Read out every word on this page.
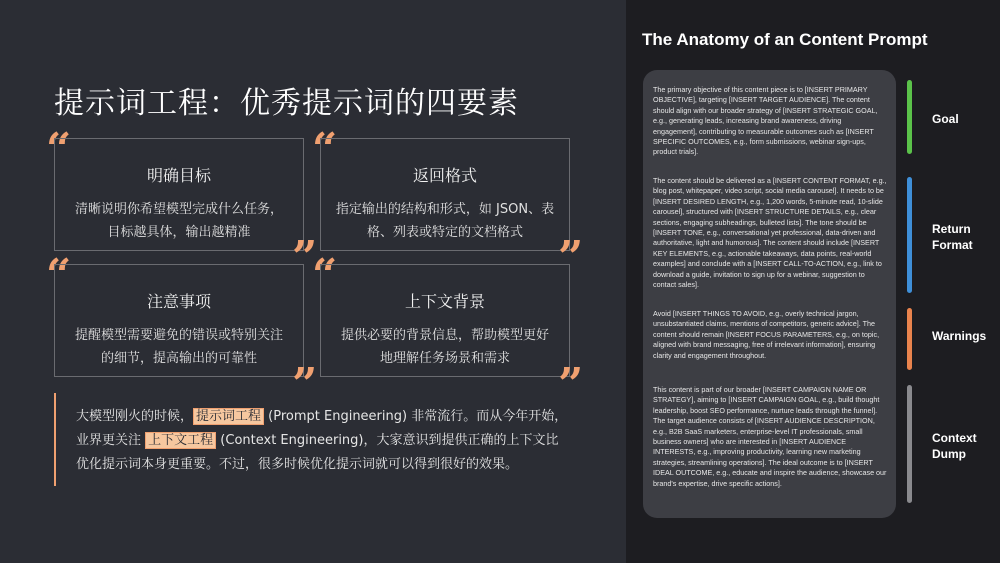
提示词工程：优秀提示词的四要素
“
明确目标
清晰说明你希望模型完成什么任务，目标越具体，输出越精准
“
返回格式
指定输出的结构和形式，如 JSON、表格、列表或特定的文档格式
”	”
“
注意事项
提醒模型需要避免的错误或特别关注的细节，提高输出的可靠性
“
上下文背景
提供必要的背景信息，帮助模型更好地理解任务场景和需求
”	”
大模型刚火的时候， 提示词工程 (Prompt Engineering) 非常流行。而从今年开始，业界更关注 上下文工程 (Context Engineering)，大家意识到提供正确的上下文比优化提示词本身更重要。不过，很多时候优化提示词就可以得到很好的效果。
The Anatomy of an Content Prompt
The primary objective of this content piece is to [INSERT PRIMARY OBJECTIVE], targeting [INSERT TARGET AUDIENCE]. The content should align with our broader strategy of [INSERT STRATEGIC GOAL, e.g., generating leads, increasing brand awareness, driving engagement], contributing to measurable outcomes such as [INSERT SPECIFIC OUTCOMES, e.g., form submissions, webinar sign-ups, product trials].
The content should be delivered as a [INSERT CONTENT FORMAT, e.g., blog post, whitepaper, video script, social media carousel]. It needs to be [INSERT DESIRED LENGTH, e.g., 1,200 words, 5-minute read, 10-slide carousel], structured with [INSERT STRUCTURE DETAILS, e.g., clear sections, engaging subheadings, bulleted lists]. The tone should be [INSERT TONE, e.g., conversational yet professional, data-driven and authoritative, light and humorous]. The content should include [INSERT KEY ELEMENTS, e.g., actionable takeaways, data points, real-world examples] and conclude with a [INSERT CALL-TO-ACTION, e.g., link to download a guide, invitation to sign up for a webinar, suggestion to contact sales].
Avoid [INSERT THINGS TO AVOID, e.g., overly technical jargon, unsubstantiated claims, mentions of competitors, generic advice]. The content should remain [INSERT FOCUS PARAMETERS, e.g., on topic, aligned with brand messaging, free of irrelevant information], ensuring clarity and engagement throughout.
This content is part of our broader [INSERT CAMPAIGN NAME OR STRATEGY], aiming to [INSERT CAMPAIGN GOAL, e.g., build thought leadership, boost SEO performance, nurture leads through the funnel]. The target audience consists of [INSERT AUDIENCE DESCRIPTION, e.g., B2B SaaS marketers, enterprise-level IT professionals, small business owners] who are interested in [INSERT AUDIENCE INTERESTS, e.g., improving productivity, learning new marketing strategies, streamlining operations]. The ideal outcome is to [INSERT IDEAL OUTCOME, e.g., educate and inspire the audience, showcase our brand's expertise, drive specific actions].
Goal
Return Format
Warnings
Context Dump
